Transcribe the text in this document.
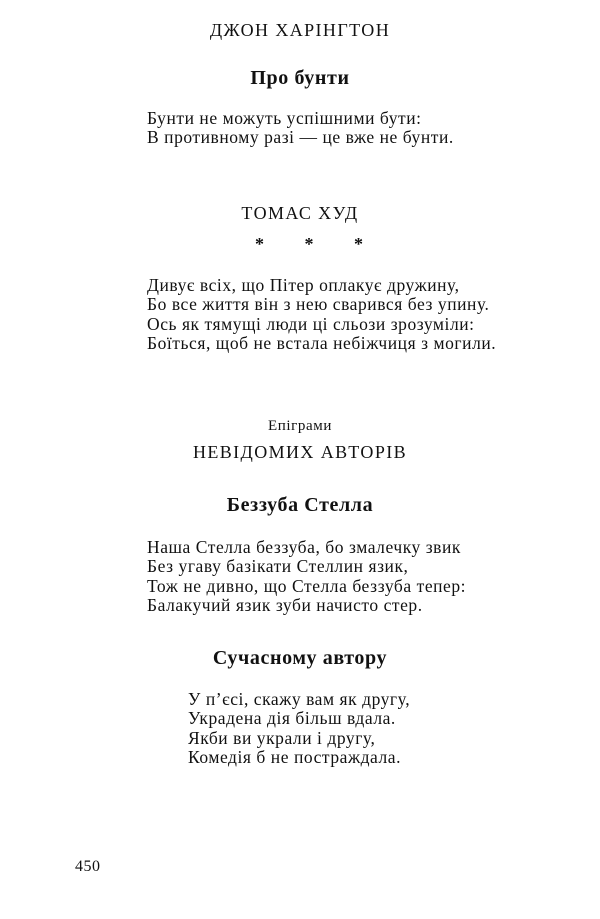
ДЖОН ХАРІНГТОН
Про бунти
Бунти не можуть успішними бути:
В противному разі — це вже не бунти.
ТОМАС ХУД
* * *
Дивує всіх, що Пітер оплакує дружину,
Бо все життя він з нею сварився без упину.
Ось як тямущі люди ці сльози зрозуміли:
Боїться, щоб не встала небіжчиця з могили.
Епіграми
НЕВІДОМИХ АВТОРІВ
Беззуба Стелла
Наша Стелла беззуба, бо змалечку звик
Без угаву базікати Стеллин язик,
Тож не дивно, що Стелла беззуба тепер:
Балакучий язик зуби начисто стер.
Сучасному автору
У п’єсі, скажу вам як другу,
Украдена дія більш вдала.
Якби ви украли і другу,
Комедія б не постраждала.
450
